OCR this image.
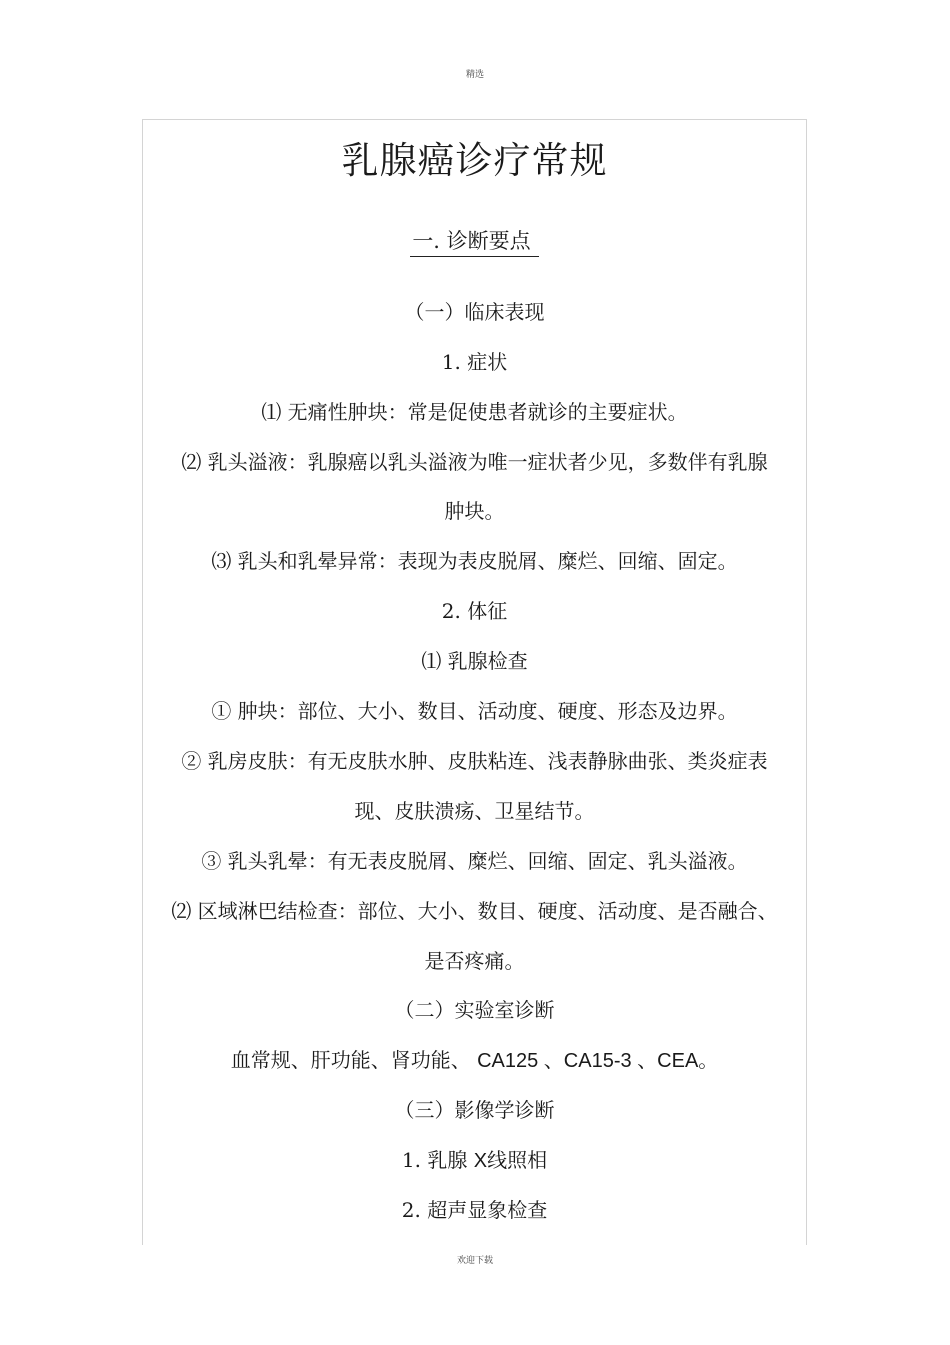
精选
乳腺癌诊疗常规
一. 诊断要点
（一）临床表现
1. 症状
⑴ 无痛性肿块：常是促使患者就诊的主要症状。
⑵ 乳头溢液：乳腺癌以乳头溢液为唯一症状者少见，多数伴有乳腺
肿块。
⑶ 乳头和乳晕异常：表现为表皮脱屑、糜烂、回缩、固定。
2. 体征
⑴ 乳腺检查
① 肿块：部位、大小、数目、活动度、硬度、形态及边界。
② 乳房皮肤：有无皮肤水肿、皮肤粘连、浅表静脉曲张、类炎症表
现、皮肤溃疡、卫星结节。
③ 乳头乳晕：有无表皮脱屑、糜烂、回缩、固定、乳头溢液。
⑵ 区域淋巴结检查：部位、大小、数目、硬度、活动度、是否融合、
是否疼痛。
（二）实验室诊断
血常规、肝功能、肾功能、 CA125 、CA15-3 、CEA。
（三）影像学诊断
1. 乳腺 X线照相
2. 超声显象检查
欢迎下载
